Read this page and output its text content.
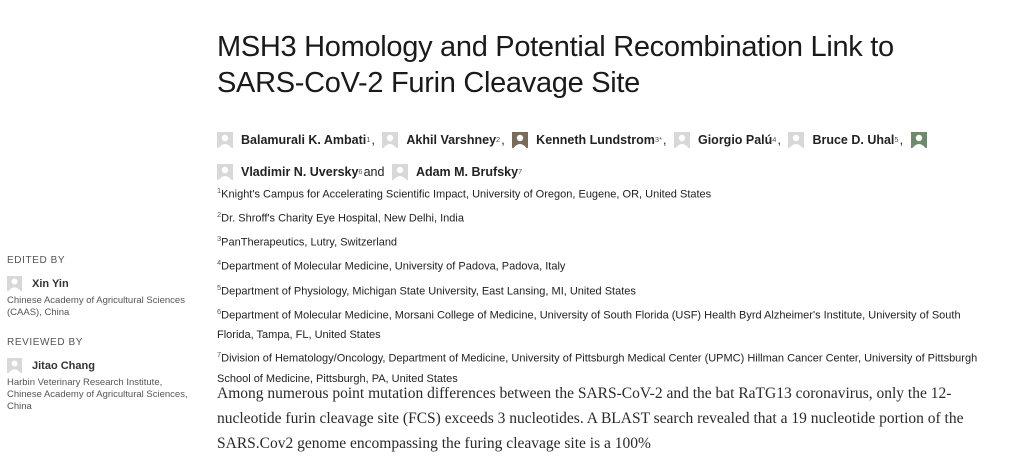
MSH3 Homology and Potential Recombination Link to SARS-CoV-2 Furin Cleavage Site
Balamurali K. Ambati 1 ,
	Akhil Varshney 2 ,
	Kenneth Lundstrom 3* ,
	Giorgio Palú 4 ,
	Bruce D. Uhal 5 ,

Vladimir N. Uversky 6 and
	Adam M. Brufsky 7

$^1$Knight's Campus for Accelerating Scientific Impact, University of Oregon, Eugene, OR, United States

$^2$Dr. Shroff's Charity Eye Hospital, New Delhi, India

$^3$PanTherapeutics, Lutry, Switzerland

$^4$Department of Molecular Medicine, University of Padova, Padova, Italy

$^5$Department of Physiology, Michigan State University, East Lansing, MI, United States

$^6$Department of Molecular Medicine, Morsani College of Medicine, University of South Florida (USF) Health Byrd Alzheimer's Institute, University of South Florida, Tampa, FL, United States

$^7$Division of Hematology/Oncology, Department of Medicine, University of Pittsburgh Medical Center (UPMC) Hillman Cancer Center, University of Pittsburgh School of Medicine, Pittsburgh, PA, United States

EDITED BY
Xin Yin
Chinese Academy of Agricultural Sciences (CAAS), China
REVIEWED BY
Jitao Chang
Harbin Veterinary Research Institute, Chinese Academy of Agricultural Sciences, China

Among numerous point mutation differences between the SARS-CoV-2 and the bat RaTG13 coronavirus, only the 12-nucleotide furin cleavage site (FCS) exceeds 3 nucleotides. A BLAST search revealed that a 19 nucleotide portion of the SARS.Cov2 genome encompassing the furing cleavage site is a 100%
